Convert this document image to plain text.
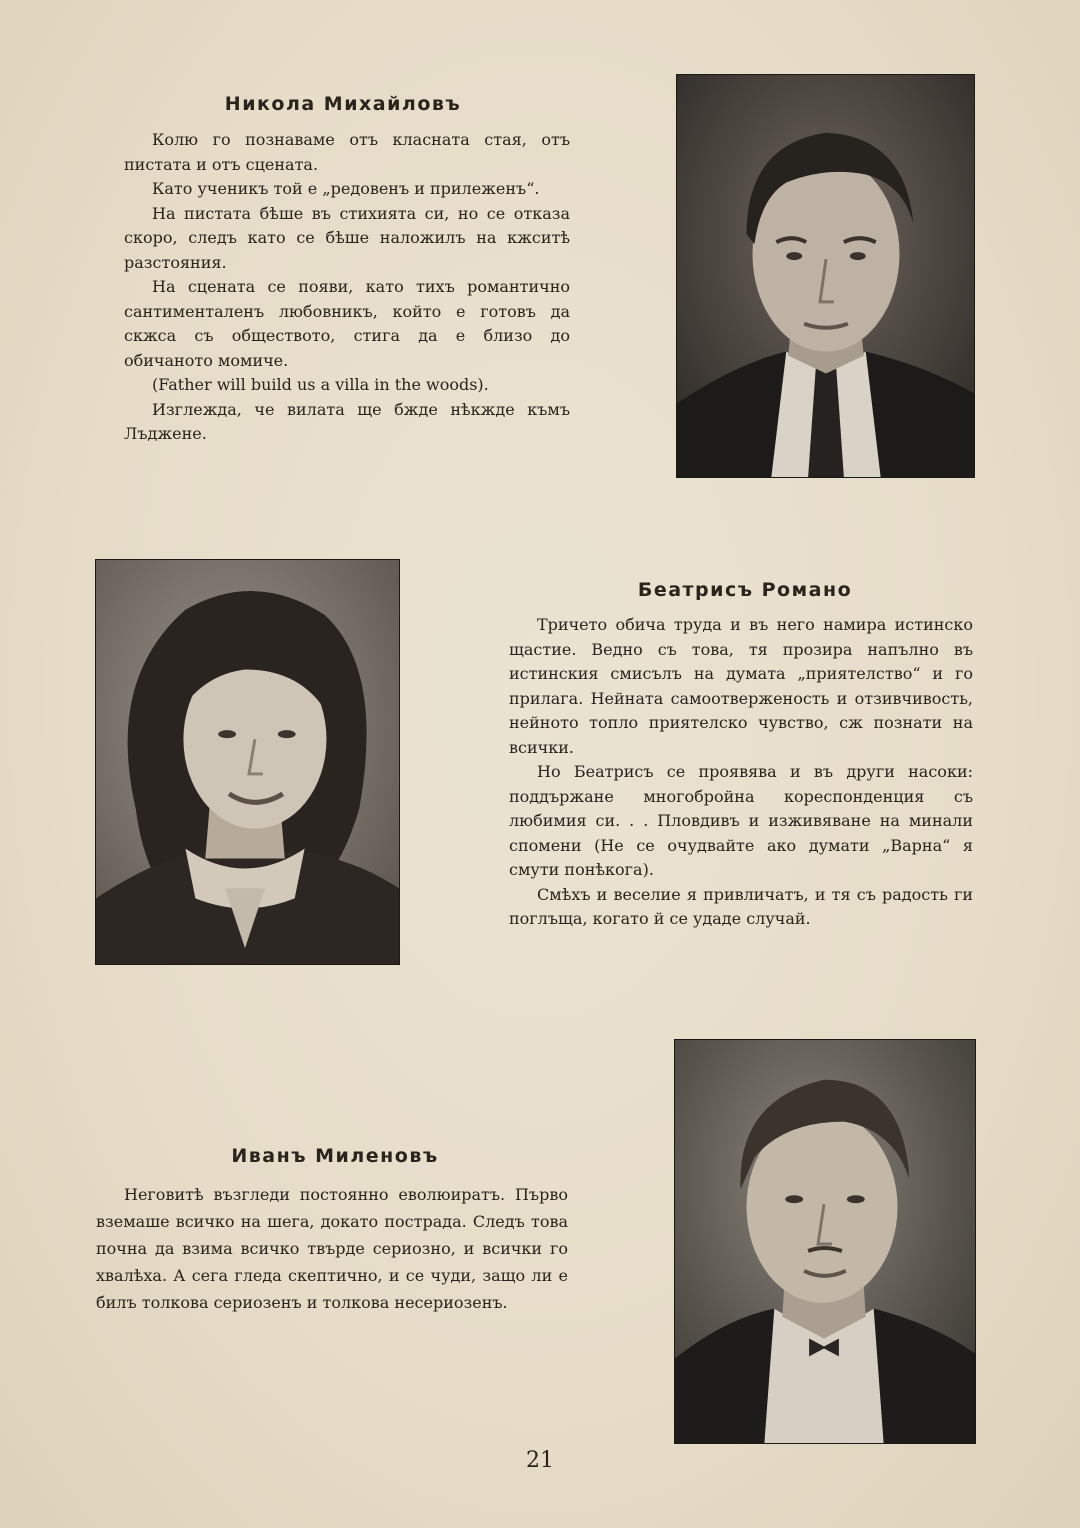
Никола Михайловъ

Колю го познаваме отъ класната стая, отъ пистата и отъ сцената.

Като ученикъ той е „редовенъ и прилеженъ“.

На пистата бѣше въ стихията си, но се отказа скоро, следъ като се бѣше наложилъ на кжситѣ разстояния.

На сцената се появи, като тихъ романтично сантименталенъ любовникъ, който е готовъ да скжса съ обществото, стига да е близо до обичаното момиче.

(Father will build us a villa in the woods).

Изглежда, че вилата ще бжде нѣкжде къмъ Лъджене.

Беатрисъ Романо

Тричето обича труда и въ него намира истинско щастие. Ведно съ това, тя прозира напълно въ истинския смисълъ на думата „приятелство“ и го прилага. Нейната самоотверженость и отзивчивость, нейното топло приятелско чувство, сж познати на всички.

Но Беатрисъ се проявява и въ други насоки: поддържане многобройна кореспонденция съ любимия си. . . Пловдивъ и изживяване на минали спомени (Не се очудвайте ако думати „Варна“ я смути понѣкога).

Смѣхъ и веселие я привличатъ, и тя съ радость ги поглъща, когато й се удаде случай.

Иванъ Миленовъ

Неговитѣ възгледи постоянно еволюиратъ. Първо вземаше всичко на шега, докато пострада. Следъ това почна да взима всичко твърде сериозно, и всички го хвалѣха. А сега гледа скептично, и се чуди, защо ли е билъ толкова сериозенъ и толкова несериозенъ.

21
